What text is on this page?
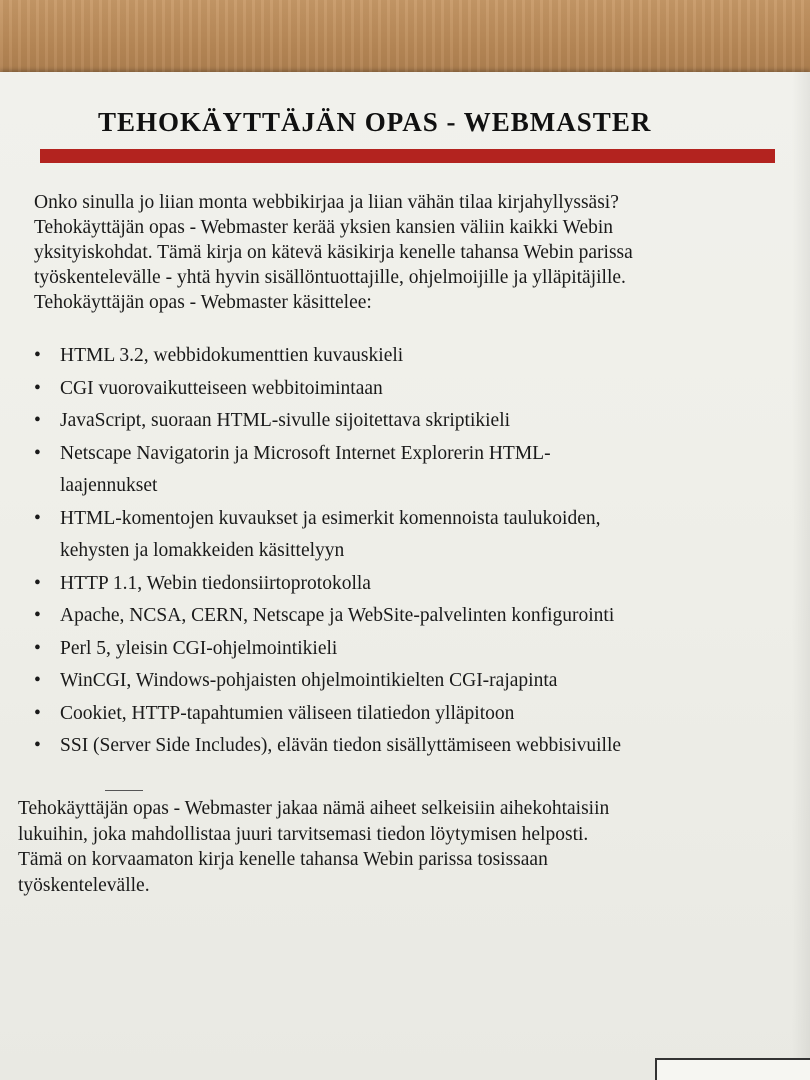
TEHOKÄYTTÄJÄN OPAS - WEBMASTER
Onko sinulla jo liian monta webbikirjaa ja liian vähän tilaa kirjahyllyssäsi?
Tehokäyttäjän opas - Webmaster kerää yksien kansien väliin kaikki Webin
yksityiskohdat. Tämä kirja on kätevä käsikirja kenelle tahansa Webin parissa
työskentelevälle - yhtä hyvin sisällöntuottajille, ohjelmoijille ja ylläpitäjille.
Tehokäyttäjän opas - Webmaster käsittelee:
• HTML 3.2, webbidokumenttien kuvauskieli
• CGI vuorovaikutteiseen webbitoimintaan
• JavaScript, suoraan HTML-sivulle sijoitettava skriptikieli
• Netscape Navigatorin ja Microsoft Internet Explorerin HTML-
laajennukset
• HTML-komentojen kuvaukset ja esimerkit komennoista taulukoiden,
kehysten ja lomakkeiden käsittelyyn
• HTTP 1.1, Webin tiedonsiirtoprotokolla
• Apache, NCSA, CERN, Netscape ja WebSite-palvelinten konfigurointi
• Perl 5, yleisin CGI-ohjelmointikieli
• WinCGI, Windows-pohjaisten ohjelmointikielten CGI-rajapinta
• Cookiet, HTTP-tapahtumien väliseen tilatiedon ylläpitoon
• SSI (Server Side Includes), elävän tiedon sisällyttämiseen webbisivuille
Tehokäyttäjän opas - Webmaster jakaa nämä aiheet selkeisiin aihekohtaisiin
lukuihin, joka mahdollistaa juuri tarvitsemasi tiedon löytymisen helposti.
Tämä on korvaamaton kirja kenelle tahansa Webin parissa tosissaan
työskentelevälle.
